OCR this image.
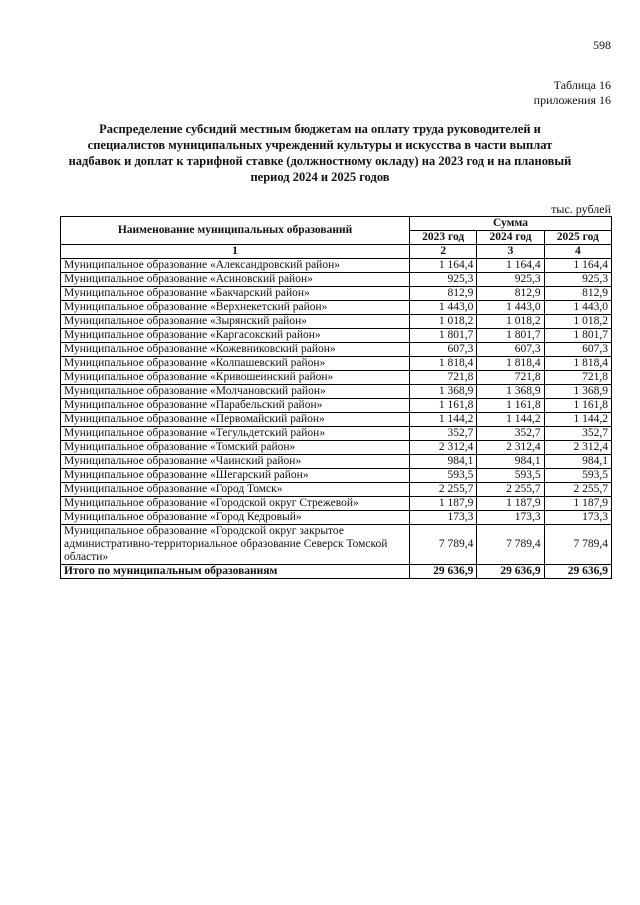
598
Таблица 16
приложения 16
Распределение субсидий местным бюджетам на оплату труда руководителей и специалистов муниципальных учреждений культуры и искусства в части выплат надбавок и доплат к тарифной ставке (должностному окладу) на 2023 год и на плановый период 2024 и 2025 годов
тыс. рублей
Наименование муниципальных образований	Сумма		
	2023 год	2024 год	2025 год
1	2	3	4
Муниципальное образование «Александровский район»	1 164,4	1 164,4	1 164,4
Муниципальное образование «Асиновский район»	925,3	925,3	925,3
Муниципальное образование «Бакчарский район»	812,9	812,9	812,9
Муниципальное образование «Верхнекетский район»	1 443,0	1 443,0	1 443,0
Муниципальное образование «Зырянский район»	1 018,2	1 018,2	1 018,2
Муниципальное образование «Каргасокский район»	1 801,7	1 801,7	1 801,7
Муниципальное образование «Кожевниковский район»	607,3	607,3	607,3
Муниципальное образование «Колпашевский район»	1 818,4	1 818,4	1 818,4
Муниципальное образование «Кривошеинский район»	721,8	721,8	721,8
Муниципальное образование «Молчановский район»	1 368,9	1 368,9	1 368,9
Муниципальное образование «Парабельский район»	1 161,8	1 161,8	1 161,8
Муниципальное образование «Первомайский район»	1 144,2	1 144,2	1 144,2
Муниципальное образование «Тегульдетский район»	352,7	352,7	352,7
Муниципальное образование «Томский район»	2 312,4	2 312,4	2 312,4
Муниципальное образование «Чаинский район»	984,1	984,1	984,1
Муниципальное образование «Шегарский район»	593,5	593,5	593,5
Муниципальное образование «Город Томск»	2 255,7	2 255,7	2 255,7
Муниципальное образование «Городской округ Стрежевой»	1 187,9	1 187,9	1 187,9
Муниципальное образование «Город Кедровый»	173,3	173,3	173,3
Муниципальное образование «Городской округ закрытое административно-территориальное образование Северск Томской области»	7 789,4	7 789,4	7 789,4
Итого по муниципальным образованиям	29 636,9	29 636,9	29 636,9
